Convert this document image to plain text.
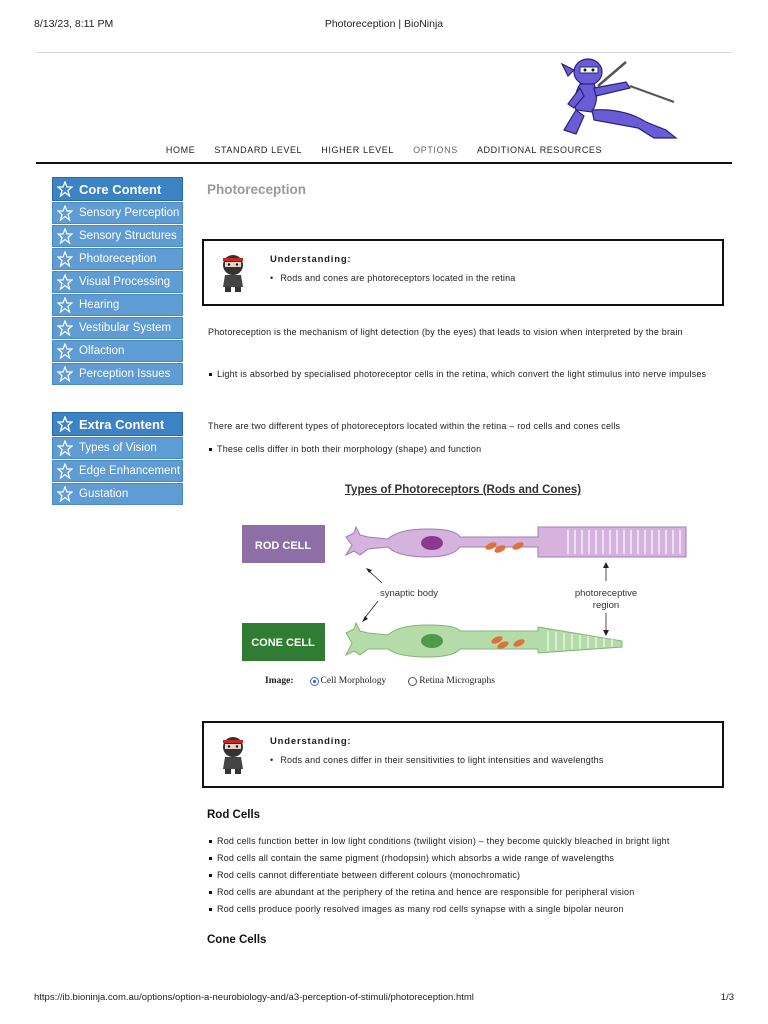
8/13/23, 8:11 PM	Photoreception | BioNinja
HOME STANDARD LEVEL HIGHER LEVEL OPTIONS ADDITIONAL RESOURCES
Core Content
Sensory Perception
Sensory Structures
Photoreception
Visual Processing
Hearing
Vestibular System
Olfaction
Perception Issues
Extra Content
Types of Vision
Edge Enhancement
Gustation
Photoreception
Understanding:
• Rods and cones are photoreceptors located in the retina
Photoreception is the mechanism of light detection (by the eyes) that leads to vision when interpreted by the brain
Light is absorbed by specialised photoreceptor cells in the retina, which convert the light stimulus into nerve impulses
There are two different types of photoreceptors located within the retina – rod cells and cones cells
These cells differ in both their morphology (shape) and function
Types of Photoreceptors (Rods and Cones)
ROD CELL
synaptic body	photoreceptive
region
CONE CELL
Image:	Cell Morphology	Retina Micrographs
Understanding:
• Rods and cones differ in their sensitivities to light intensities and wavelengths
Rod Cells
Rod cells function better in low light conditions (twilight vision) – they become quickly bleached in bright light
Rod cells all contain the same pigment (rhodopsin) which absorbs a wide range of wavelengths
Rod cells cannot differentiate between different colours (monochromatic)
Rod cells are abundant at the periphery of the retina and hence are responsible for peripheral vision
Rod cells produce poorly resolved images as many rod cells synapse with a single bipolar neuron
Cone Cells
https://ib.bioninja.com.au/options/option-a-neurobiology-and/a3-perception-of-stimuli/photoreception.html	1/3
